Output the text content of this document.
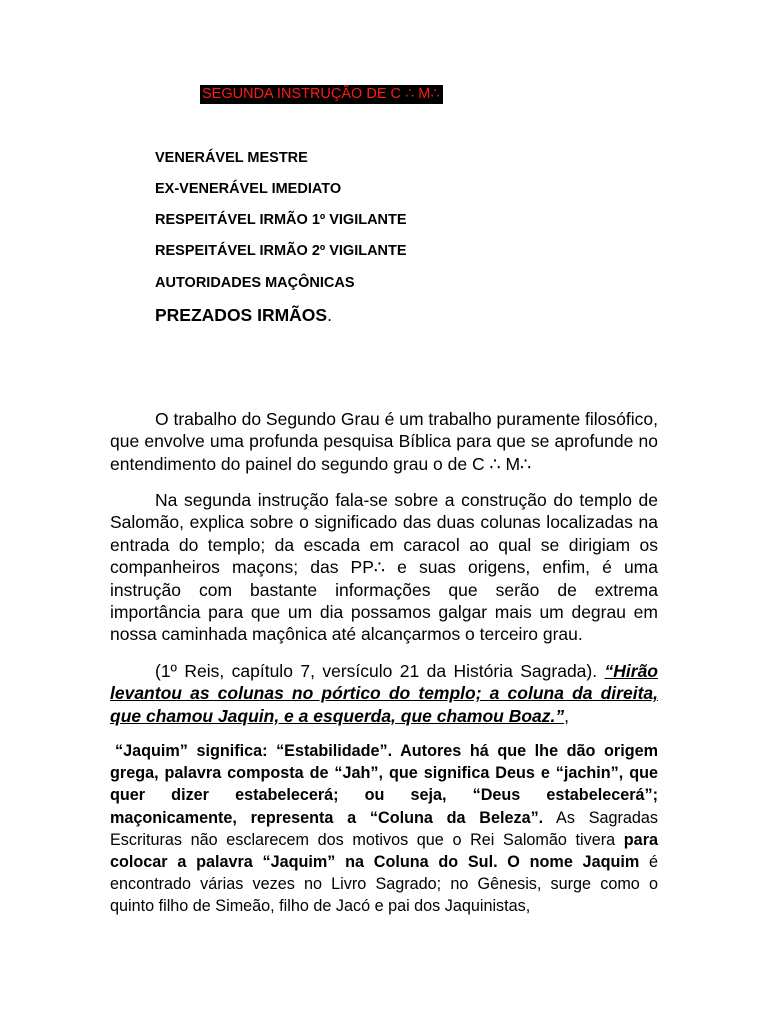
SEGUNDA INSTRUÇÃO DE C ∴ M∴
VENERÁVEL MESTRE
EX-VENERÁVEL IMEDIATO
RESPEITÁVEL IRMÃO 1º VIGILANTE
RESPEITÁVEL IRMÃO 2º VIGILANTE
AUTORIDADES MAÇÔNICAS
PREZADOS IRMÃOS.

O trabalho do Segundo Grau é um trabalho puramente filosófico, que envolve uma profunda pesquisa Bíblica para que se aprofunde no entendimento do painel do segundo grau o de C ∴ M∴

Na segunda instrução fala-se sobre a construção do templo de Salomão, explica sobre o significado das duas colunas localizadas na entrada do templo; da escada em caracol ao qual se dirigiam os companheiros maçons; das PP∴ e suas origens, enfim, é uma instrução com bastante informações que serão de extrema importância para que um dia possamos galgar mais um degrau em nossa caminhada maçônica até alcançarmos o terceiro grau.

(1º Reis, capítulo 7, versículo 21 da História Sagrada). “Hirão levantou as colunas no pórtico do templo; a coluna da direita, que chamou Jaquin, e a esquerda, que chamou Boaz.”,

“Jaquim” significa: “Estabilidade”. Autores há que lhe dão origem grega, palavra composta de “Jah”, que significa Deus e “jachin”, que quer dizer estabelecerá; ou seja, “Deus estabelecerá”; maçonicamente, representa a “Coluna da Beleza”. As Sagradas Escrituras não esclarecem dos motivos que o Rei Salomão tivera para colocar a palavra “Jaquim” na Coluna do Sul. O nome Jaquim é encontrado várias vezes no Livro Sagrado; no Gênesis, surge como o quinto filho de Simeão, filho de Jacó e pai dos Jaquinistas,
